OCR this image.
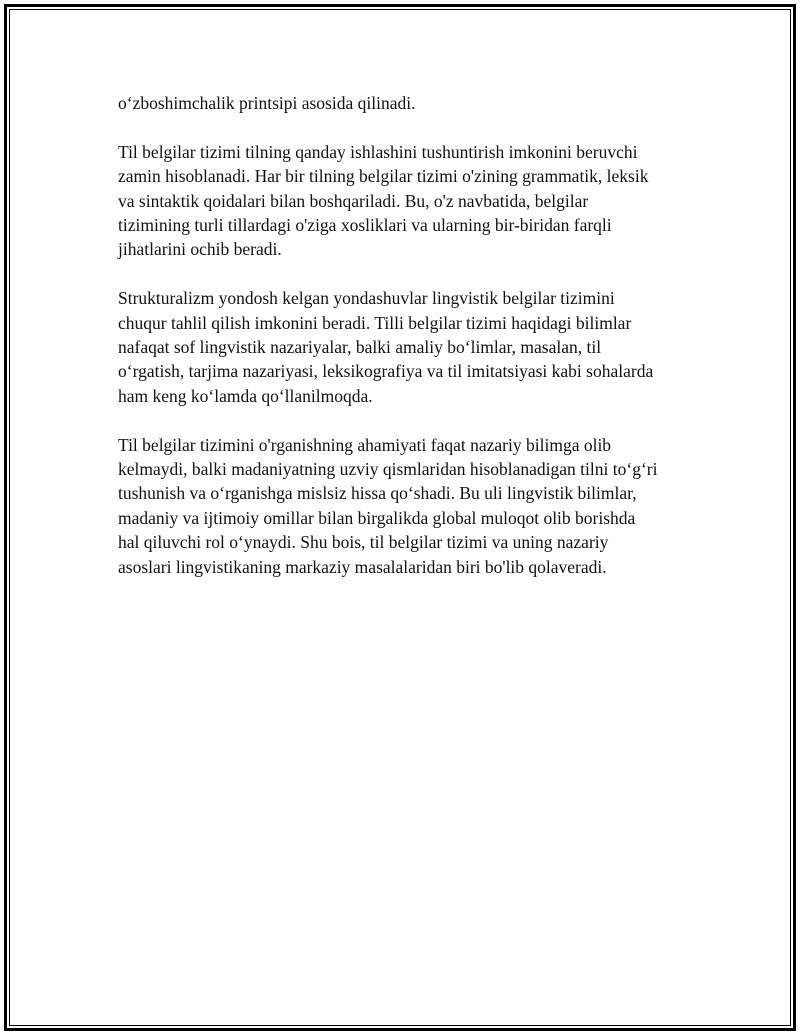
o‘zboshimchalik printsipi asosida qilinadi.

Til belgilar tizimi tilning qanday ishlashini tushuntirish imkonini beruvchi
zamin hisoblanadi. Har bir tilning belgilar tizimi o'zining grammatik, leksik
va sintaktik qoidalari bilan boshqariladi. Bu, o'z navbatida, belgilar
tizimining turli tillardagi o'ziga xosliklari va ularning bir-biridan farqli
jihatlarini ochib beradi.

Strukturalizm yondosh kelgan yondashuvlar lingvistik belgilar tizimini
chuqur tahlil qilish imkonini beradi. Tilli belgilar tizimi haqidagi bilimlar
nafaqat sof lingvistik nazariyalar, balki amaliy bo‘limlar, masalan, til
o‘rgatish, tarjima nazariyasi, leksikografiya va til imitatsiyasi kabi sohalarda
ham keng ko‘lamda qo‘llanilmoqda.

Til belgilar tizimini o'rganishning ahamiyati faqat nazariy bilimga olib
kelmaydi, balki madaniyatning uzviy qismlaridan hisoblanadigan tilni to‘g‘ri
tushunish va o‘rganishga mislsiz hissa qo‘shadi. Bu uli lingvistik bilimlar,
madaniy va ijtimoiy omillar bilan birgalikda global muloqot olib borishda
hal qiluvchi rol o‘ynaydi. Shu bois, til belgilar tizimi va uning nazariy
asoslari lingvistikaning markaziy masalalaridan biri bo'lib qolaveradi.
